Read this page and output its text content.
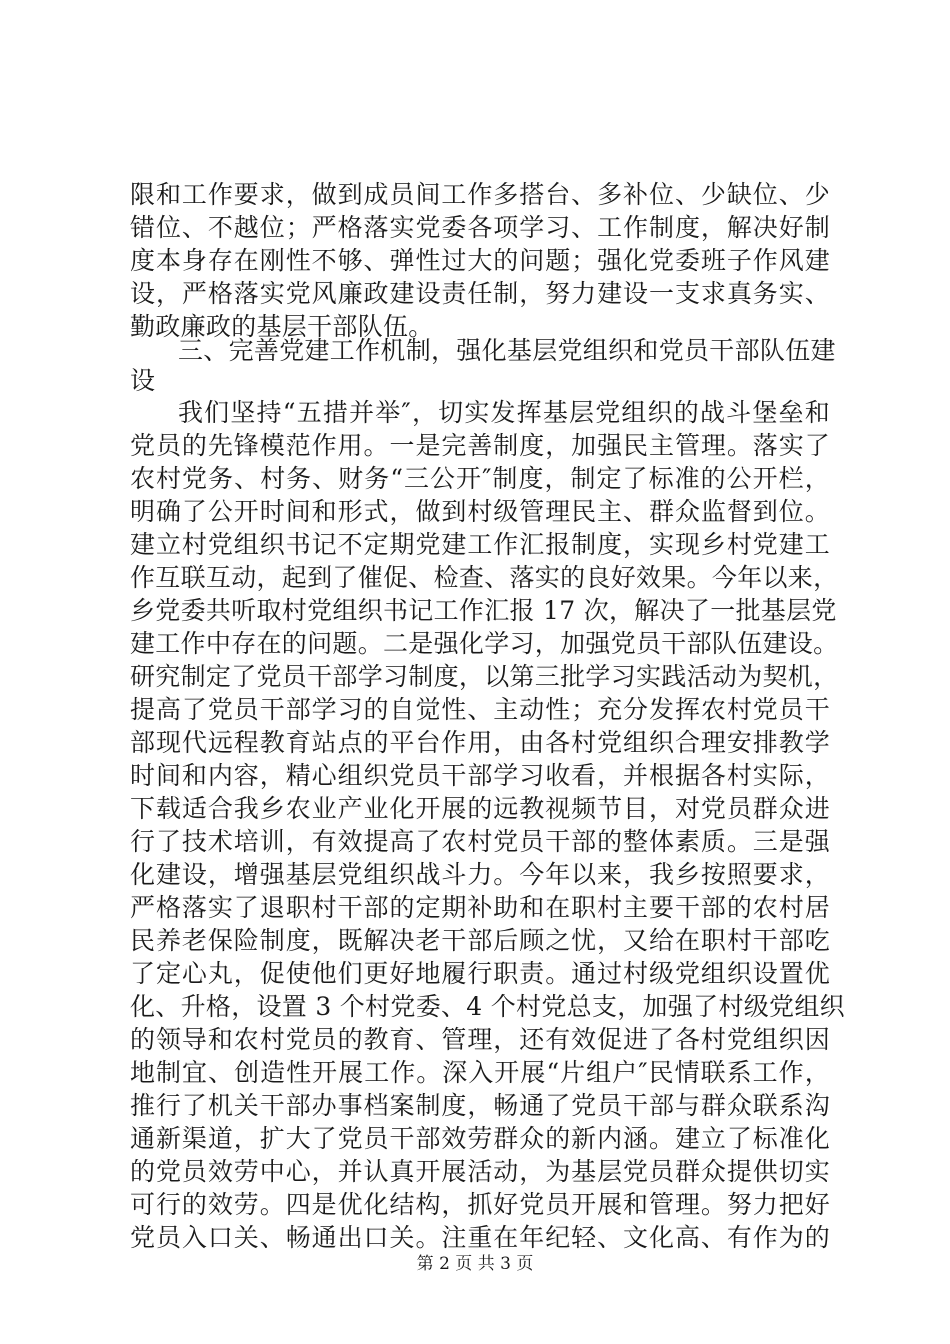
限和工作要求，做到成员间工作多搭台、多补位、少缺位、少
错位、不越位；严格落实党委各项学习、工作制度，解决好制
度本身存在刚性不够、弹性过大的问题；强化党委班子作风建
设，严格落实党风廉政建设责任制，努力建设一支求真务实、
勤政廉政的基层干部队伍。
三、完善党建工作机制，强化基层党组织和党员干部队伍建
设
我们坚持“五措并举″，切实发挥基层党组织的战斗堡垒和
党员的先锋模范作用。一是完善制度，加强民主管理。落实了
农村党务、村务、财务“三公开″制度，制定了标准的公开栏，
明确了公开时间和形式，做到村级管理民主、群众监督到位。
建立村党组织书记不定期党建工作汇报制度，实现乡村党建工
作互联互动，起到了催促、检查、落实的良好效果。今年以来，
乡党委共听取村党组织书记工作汇报 17 次，解决了一批基层党
建工作中存在的问题。二是强化学习，加强党员干部队伍建设。
研究制定了党员干部学习制度，以第三批学习实践活动为契机，
提高了党员干部学习的自觉性、主动性；充分发挥农村党员干
部现代远程教育站点的平台作用，由各村党组织合理安排教学
时间和内容，精心组织党员干部学习收看，并根据各村实际，
下载适合我乡农业产业化开展的远教视频节目，对党员群众进
行了技术培训，有效提高了农村党员干部的整体素质。三是强
化建设，增强基层党组织战斗力。今年以来，我乡按照要求，
严格落实了退职村干部的定期补助和在职村主要干部的农村居
民养老保险制度，既解决老干部后顾之忧，又给在职村干部吃
了定心丸，促使他们更好地履行职责。通过村级党组织设置优
化、升格，设置 3 个村党委、4 个村党总支，加强了村级党组织
的领导和农村党员的教育、管理，还有效促进了各村党组织因
地制宜、创造性开展工作。深入开展“片组户″民情联系工作，
推行了机关干部办事档案制度，畅通了党员干部与群众联系沟
通新渠道，扩大了党员干部效劳群众的新内涵。建立了标准化
的党员效劳中心，并认真开展活动，为基层党员群众提供切实
可行的效劳。四是优化结构，抓好党员开展和管理。努力把好
党员入口关、畅通出口关。注重在年纪轻、文化高、有作为的
第 2 页 共 3 页
